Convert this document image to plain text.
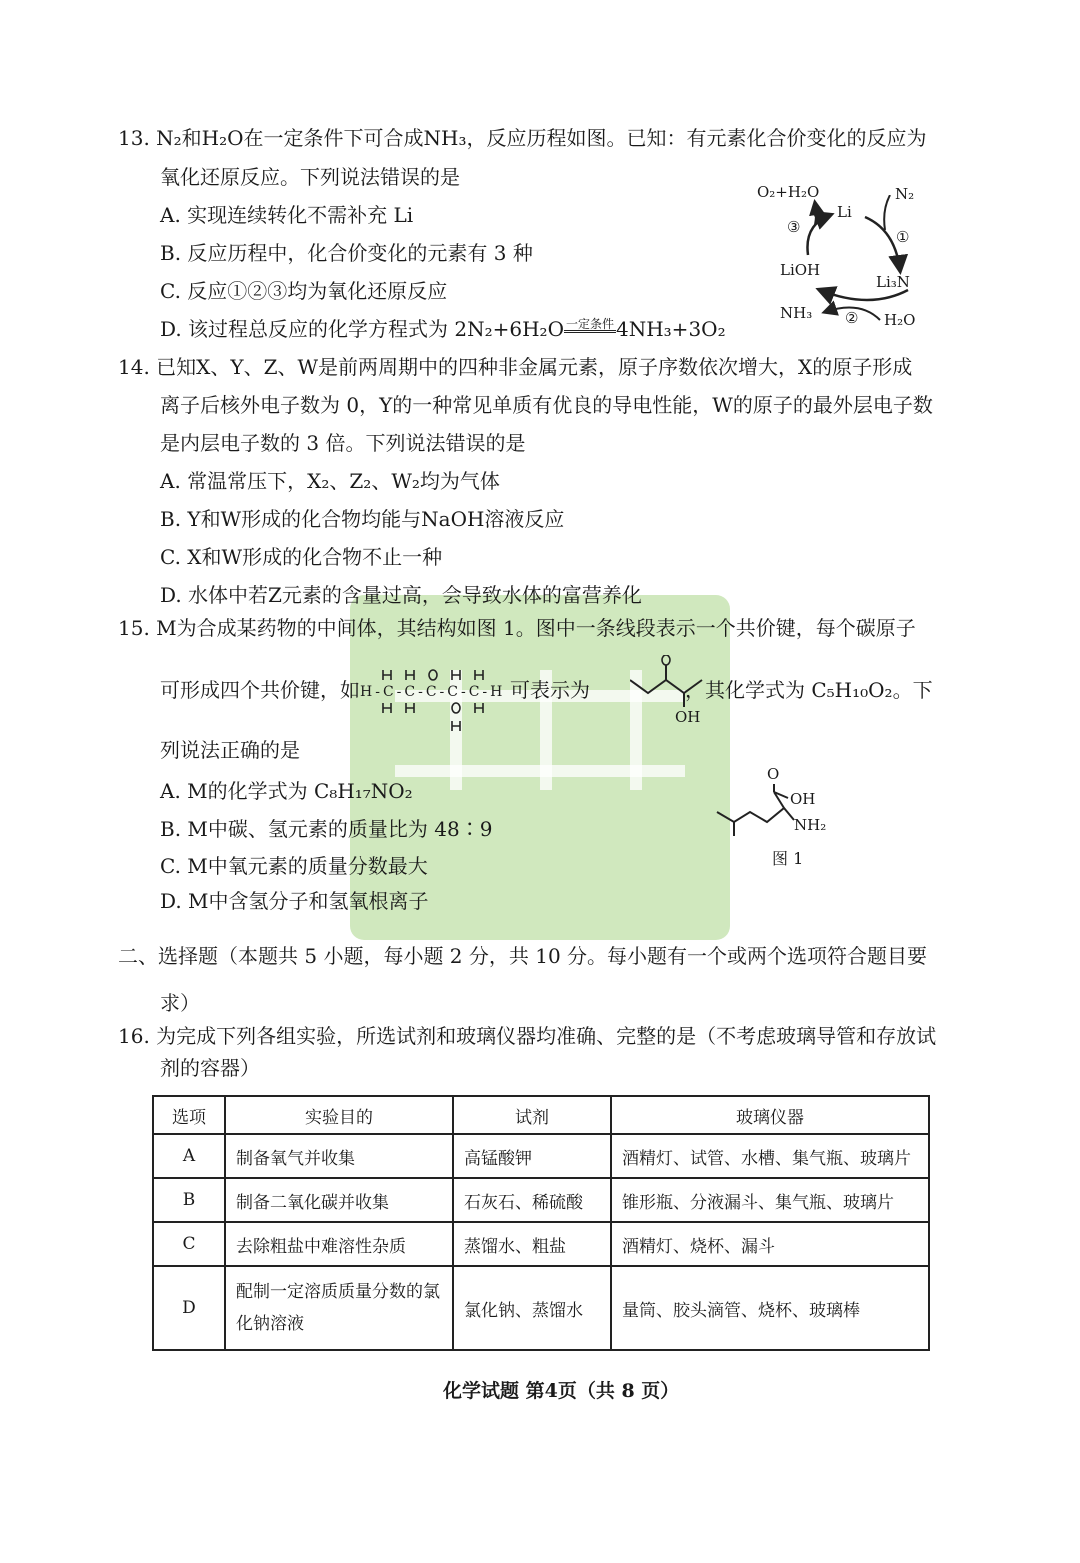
13. N₂和H₂O在一定条件下可合成NH₃，反应历程如图。已知：有元素化合价变化的反应为
氧化还原反应。下列说法错误的是
A. 实现连续转化不需补充 Li
B. 反应历程中，化合价变化的元素有 3 种
C. 反应①②③均为氧化还原反应
D. 该过程总反应的化学方程式为 2N₂+6H₂O 一定条件 4NH₃+3O₂
O₂+H₂O
Li
N₂
①
Li₃N
LiOH
③
NH₃ ② H₂O
14. 已知X、Y、Z、W是前两周期中的四种非金属元素，原子序数依次增大，X的原子形成
离子后核外电子数为 0，Y的一种常见单质有优良的导电性能，W的原子的最外层电子数
是内层电子数的 3 倍。下列说法错误的是
A. 常温常压下，X₂、Z₂、W₂均为气体
B. Y和W形成的化合物均能与NaOH溶液反应
C. X和W形成的化合物不止一种
D. 水体中若Z元素的含量过高，会导致水体的富营养化
15. M为合成某药物的中间体，其结构如图 1。图中一条线段表示一个共价键，每个碳原子
可形成四个共价键，如H-C-C-C-C-C-H 可表示为	，其化学式为 C₅H₁₀O₂。下
OH
列说法正确的是
A. M的化学式为 C₈H₁₇NO₂
B. M中碳、氢元素的质量比为 48∶9
C. M中氧元素的质量分数最大
D. M中含氢分子和氢氧根离子
O
OH
NH₂
图 1
二、选择题（本题共 5 小题，每小题 2 分，共 10 分。每小题有一个或两个选项符合题目要
求）
16. 为完成下列各组实验，所选试剂和玻璃仪器均准确、完整的是（不考虑玻璃导管和存放试
剂的容器）
选项	实验目的	试剂	玻璃仪器
A	制备氧气并收集	高锰酸钾	酒精灯、试管、水槽、集气瓶、玻璃片
B	制备二氧化碳并收集	石灰石、稀硫酸	锥形瓶、分液漏斗、集气瓶、玻璃片
C	去除粗盐中难溶性杂质	蒸馏水、粗盐	酒精灯、烧杯、漏斗
D	配制一定溶质质量分数的氯化钠溶液	氯化钠、蒸馏水	量筒、胶头滴管、烧杯、玻璃棒
化学试题 第4页（共 8 页）
